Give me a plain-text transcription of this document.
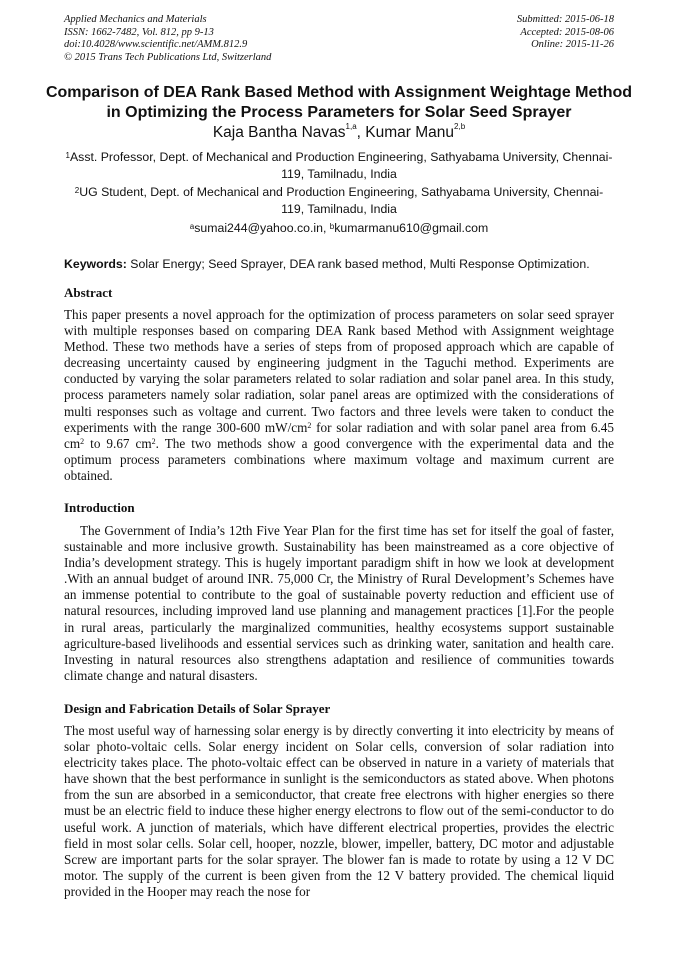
Applied Mechanics and Materials
ISSN: 1662-7482, Vol. 812, pp 9-13
doi:10.4028/www.scientific.net/AMM.812.9
© 2015 Trans Tech Publications Ltd, Switzerland
Submitted: 2015-06-18
Accepted: 2015-08-06
Online: 2015-11-26
Comparison of DEA Rank Based Method with Assignment Weightage Method in Optimizing the Process Parameters for Solar Seed Sprayer
Kaja Bantha Navas$^{1,a}$, Kumar Manu$^{2,b}$
$^1$Asst. Professor, Dept. of Mechanical and Production Engineering, Sathyabama University, Chennai-119, Tamilnadu, India
$^2$UG Student, Dept. of Mechanical and Production Engineering, Sathyabama University, Chennai-119, Tamilnadu, India
$^a$sumai244@yahoo.co.in, $^b$kumarmanu610@gmail.com
Keywords: Solar Energy; Seed Sprayer, DEA rank based method, Multi Response Optimization.
Abstract
This paper presents a novel approach for the optimization of process parameters on solar seed sprayer with multiple responses based on comparing DEA Rank based Method with Assignment weightage Method. These two methods have a series of steps from of proposed approach which are capable of decreasing uncertainty caused by engineering judgment in the Taguchi method. Experiments are conducted by varying the solar parameters related to solar radiation and solar panel area. In this study, process parameters namely solar radiation, solar panel areas are optimized with the considerations of multi responses such as voltage and current. Two factors and three levels were taken to conduct the experiments with the range 300-600 $mW/cm^2$ for solar radiation and with solar panel area from 6.45 $cm^2$ to 9.67 $cm^2$. The two methods show a good convergence with the experimental data and the optimum process parameters combinations where maximum voltage and maximum current are obtained.
Introduction
The Government of India’s 12th Five Year Plan for the first time has set for itself the goal of faster, sustainable and more inclusive growth. Sustainability has been mainstreamed as a core objective of India’s development strategy. This is hugely important paradigm shift in how we look at development .With an annual budget of around INR. 75,000 Cr, the Ministry of Rural Development’s Schemes have an immense potential to contribute to the goal of sustainable poverty reduction and efficient use of natural resources, including improved land use planning and management practices [1].For the people in rural areas, particularly the marginalized communities, healthy ecosystems support sustainable agriculture-based livelihoods and essential services such as drinking water, sanitation and health care. Investing in natural resources also strengthens adaptation and resilience of communities towards climate change and natural disasters.
Design and Fabrication Details of Solar Sprayer
The most useful way of harnessing solar energy is by directly converting it into electricity by means of solar photo-voltaic cells. Solar energy incident on Solar cells, conversion of solar radiation into electricity takes place. The photo-voltaic effect can be observed in nature in a variety of materials that have shown that the best performance in sunlight is the semiconductors as stated above. When photons from the sun are absorbed in a semiconductor, that create free electrons with higher energies so there must be an electric field to induce these higher energy electrons to flow out of the semi-conductor to do useful work. A junction of materials, which have different electrical properties, provides the electric field in most solar cells. Solar cell, hooper, nozzle, blower, impeller, battery, DC motor and adjustable Screw are important parts for the solar sprayer. The blower fan is made to rotate by using a 12 V DC motor. The supply of the current is been given from the 12 V battery provided. The chemical liquid provided in the Hooper may reach the nose for
